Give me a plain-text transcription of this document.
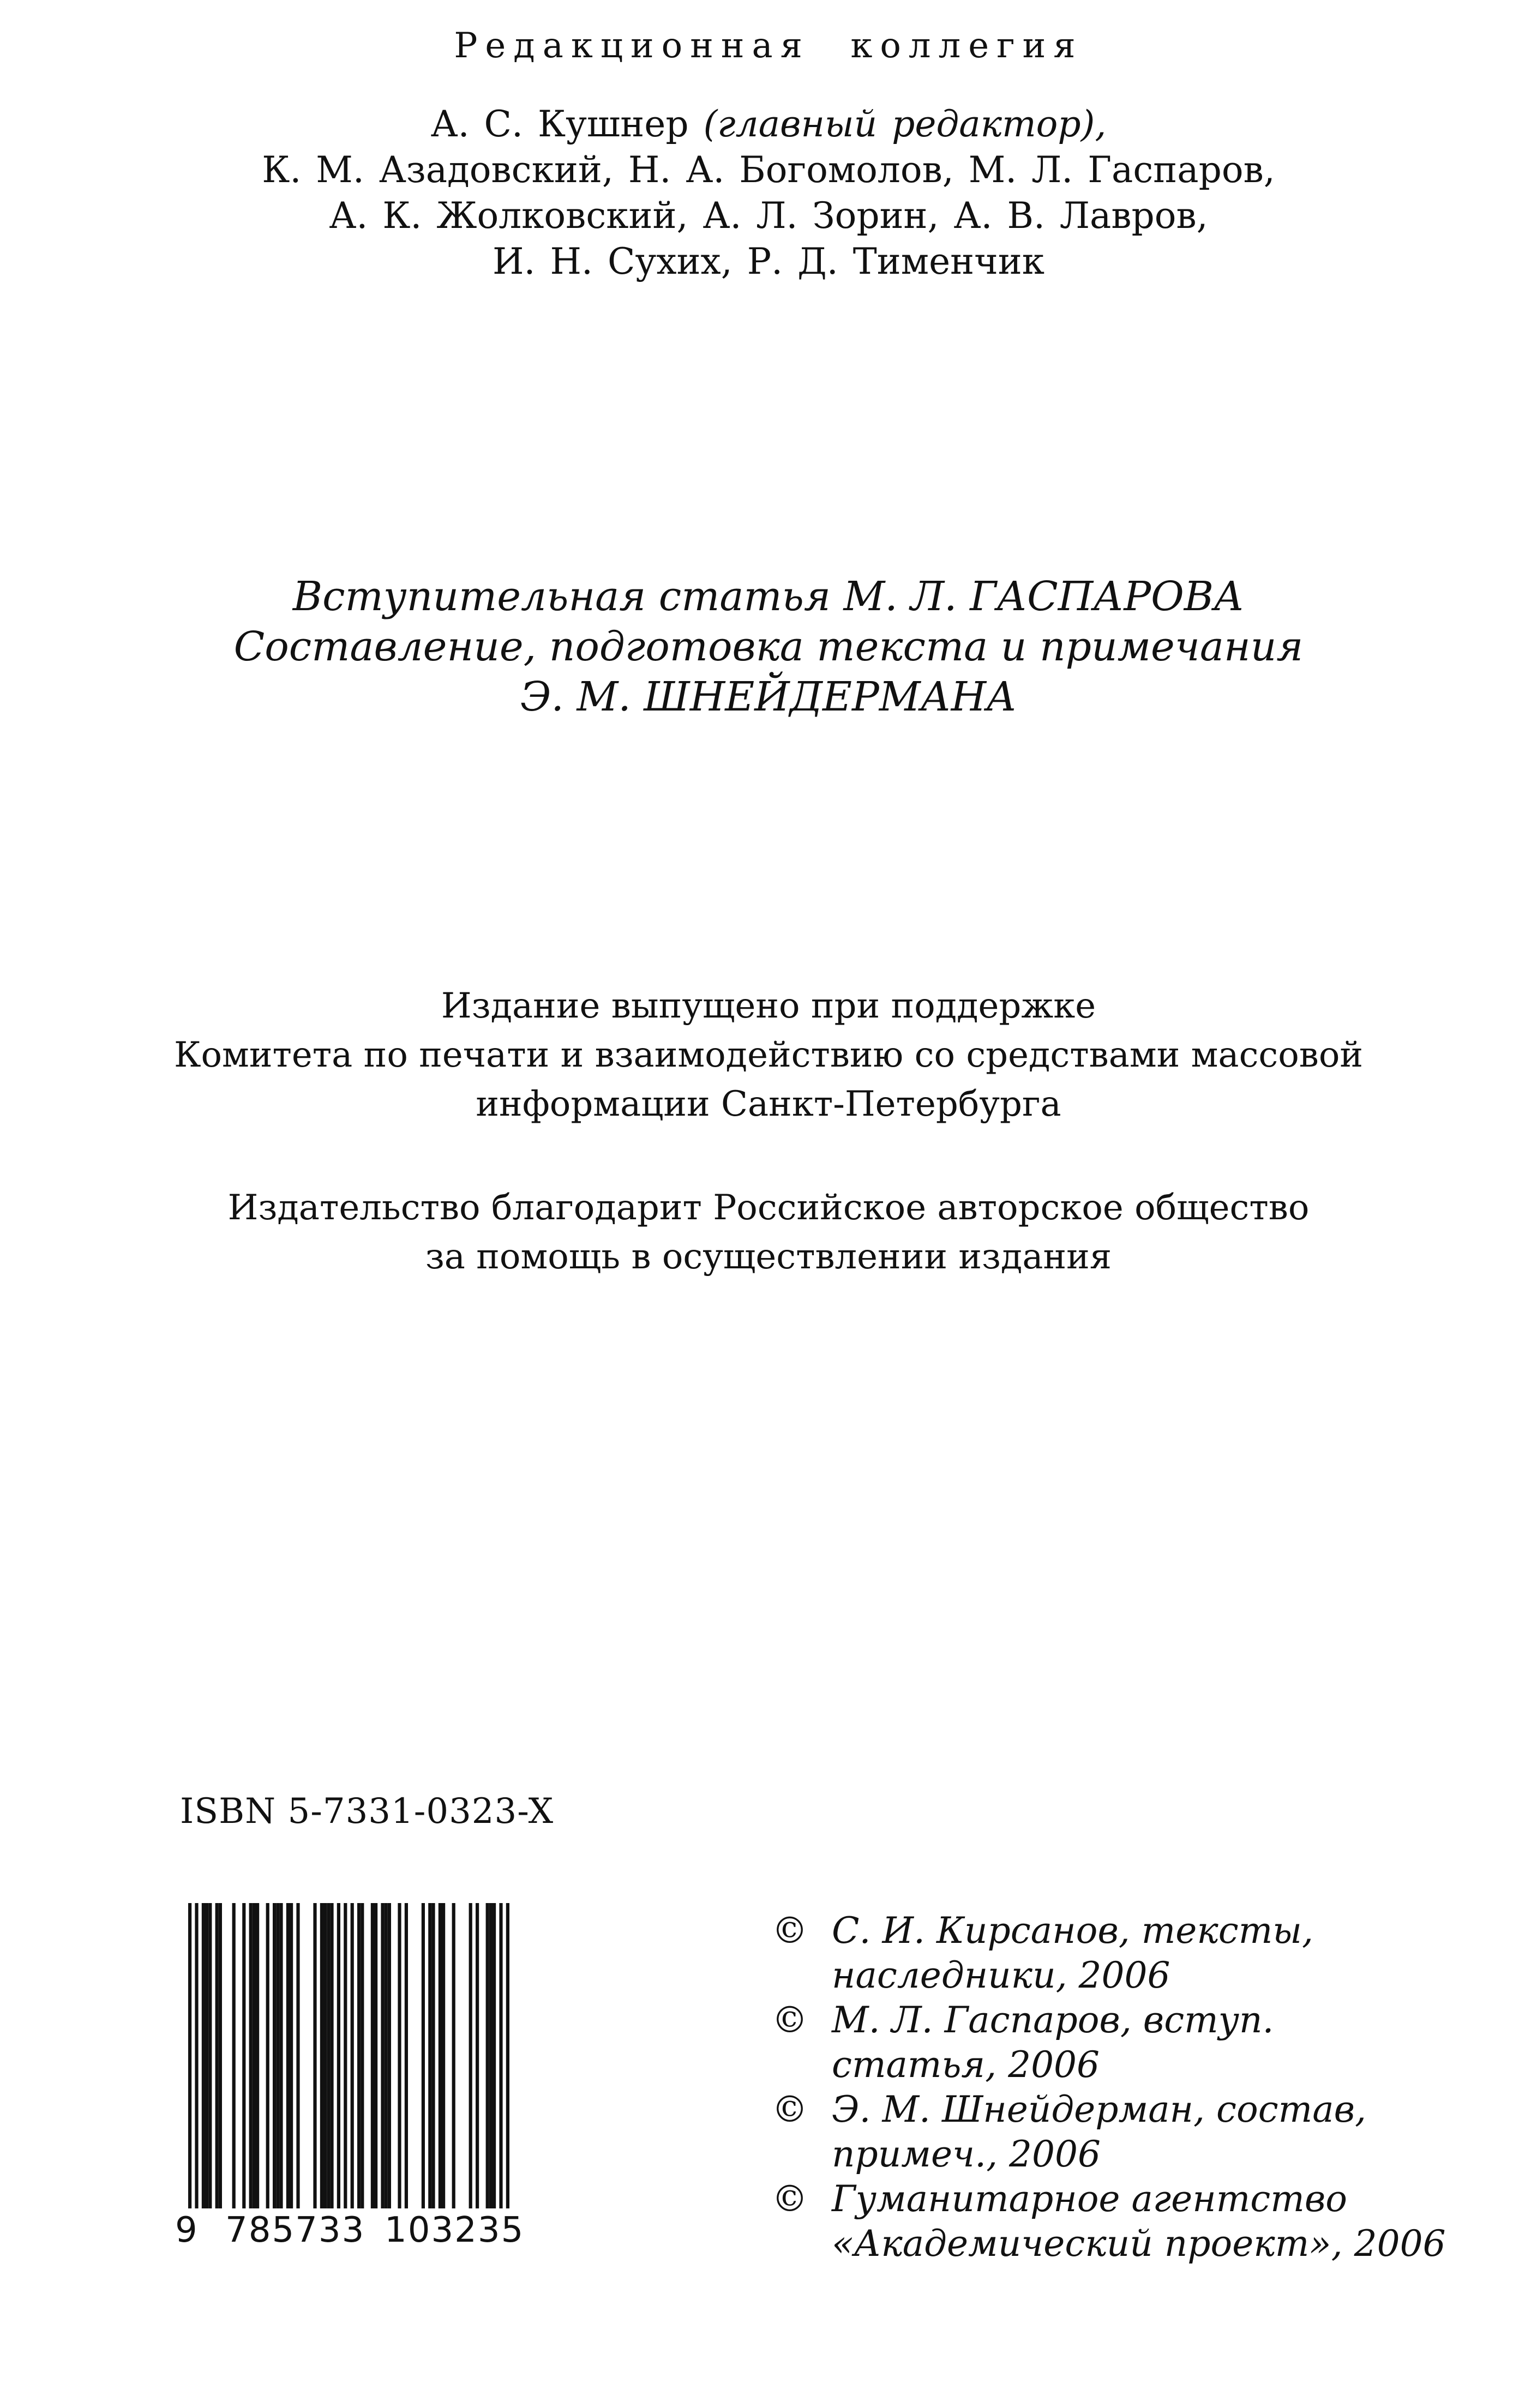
Редакционная коллегия
А. С. Кушнер (главный редактор),
К. М. Азадовский, Н. А. Богомолов, М. Л. Гаспаров,
А. К. Жолковский, А. Л. Зорин, А. В. Лавров,
И. Н. Сухих, Р. Д. Тименчик
Вступительная статья М. Л. ГАСПАРОВА
Составление, подготовка текста и примечания
Э. М. ШНЕЙДЕРМАНА
Издание выпущено при поддержке
Комитета по печати и взаимодействию со средствами массовой
информации Санкт-Петербурга
Издательство благодарит Российское авторское общество
за помощь в осуществлении издания
ISBN 5-7331-0323-X
9 785733 103235
© С. И. Кирсанов, тексты,
наследники, 2006
© М. Л. Гаспаров, вступ.
статья, 2006
© Э. М. Шнейдерман, состав,
примеч., 2006
© Гуманитарное агентство
«Академический проект», 2006
